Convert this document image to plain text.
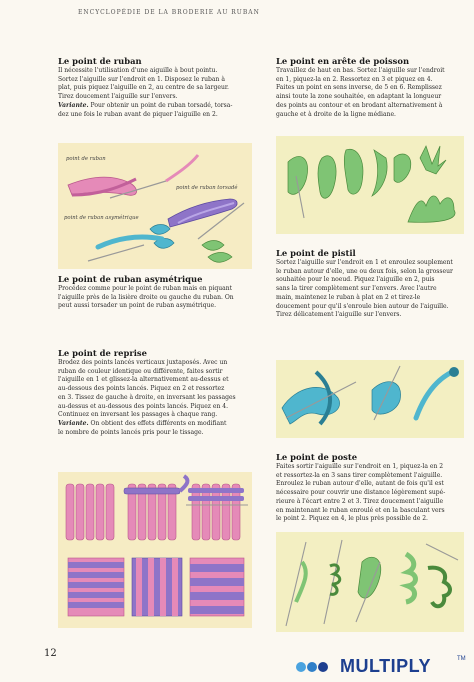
ENCYCLOPÉDIE DE LA BRODERIE AU RUBAN
Le point de ruban
Il nécessite l'utilisation d'une aiguille à bout pointu.
Sortez l'aiguille sur l'endroit en 1. Disposez le ruban à
plat, puis piquez l'aiguille en 2, au centre de sa largeur.
Tirez doucement l'aiguille sur l'envers.
Variante. Pour obtenir un point de ruban torsadé, torsa-
dez une fois le ruban avant de piquer l'aiguille en 2.
point de ruban
point de ruban torsadé
point de ruban asymétrique
Le point de ruban asymétrique
Procédez comme pour le point de ruban mais en piquant
l'aiguille près de la lisière droite ou gauche du ruban. On
peut aussi torsader un point de ruban asymétrique.
Le point de reprise
Brodez des points lancés verticaux juxtaposés. Avec un
ruban de couleur identique ou différente, faites sortir
l'aiguille en 1 et glissez-la alternativement au-dessus et
au-dessous des points lancés. Piquez en 2 et ressortez
en 3. Tissez de gauche à droite, en inversant les passages
au-dessus et au-dessous des points lancés. Piquez en 4.
Continuez en inversant les passages à chaque rang.
Variante. On obtient des effets différents en modifiant
le nombre de points lancés pris pour le tissage.
Le point en arête de poisson
Travaillez de haut en bas. Sortez l'aiguille sur l'endroit
en 1, piquez-la en 2. Ressortez en 3 et piquez en 4.
Faites un point en sens inverse, de 5 en 6. Remplissez
ainsi toute la zone souhaitée, en adaptant la longueur
des points au contour et en brodant alternativement à
gauche et à droite de la ligne médiane.
Le point de pistil
Sortez l'aiguille sur l'endroit en 1 et enroulez souplement
le ruban autour d'elle, une ou deux fois, selon la grosseur
souhaitée pour le noeud. Piquez l'aiguille en 2, puis
sans la tirer complètement sur l'envers. Avec l'autre
main, maintenez le ruban à plat en 2 et tirez-le
doucement pour qu'il s'enroule bien autour de l'aiguille.
Tirez délicatement l'aiguille sur l'envers.
Le point de poste
Faites sortir l'aiguille sur l'endroit en 1, piquez-la en 2
et ressortez-la en 3 sans tirer complètement l'aiguille.
Enroulez le ruban autour d'elle, autant de fois qu'il est
nécessaire pour couvrir une distance légèrement supé-
rieure à l'écart entre 2 et 3. Tirez doucement l'aiguille
en maintenant le ruban enroulé et en la basculant vers
le point 2. Piquez en 4, le plus près possible de 2.
12
MULTIPLY	TM
